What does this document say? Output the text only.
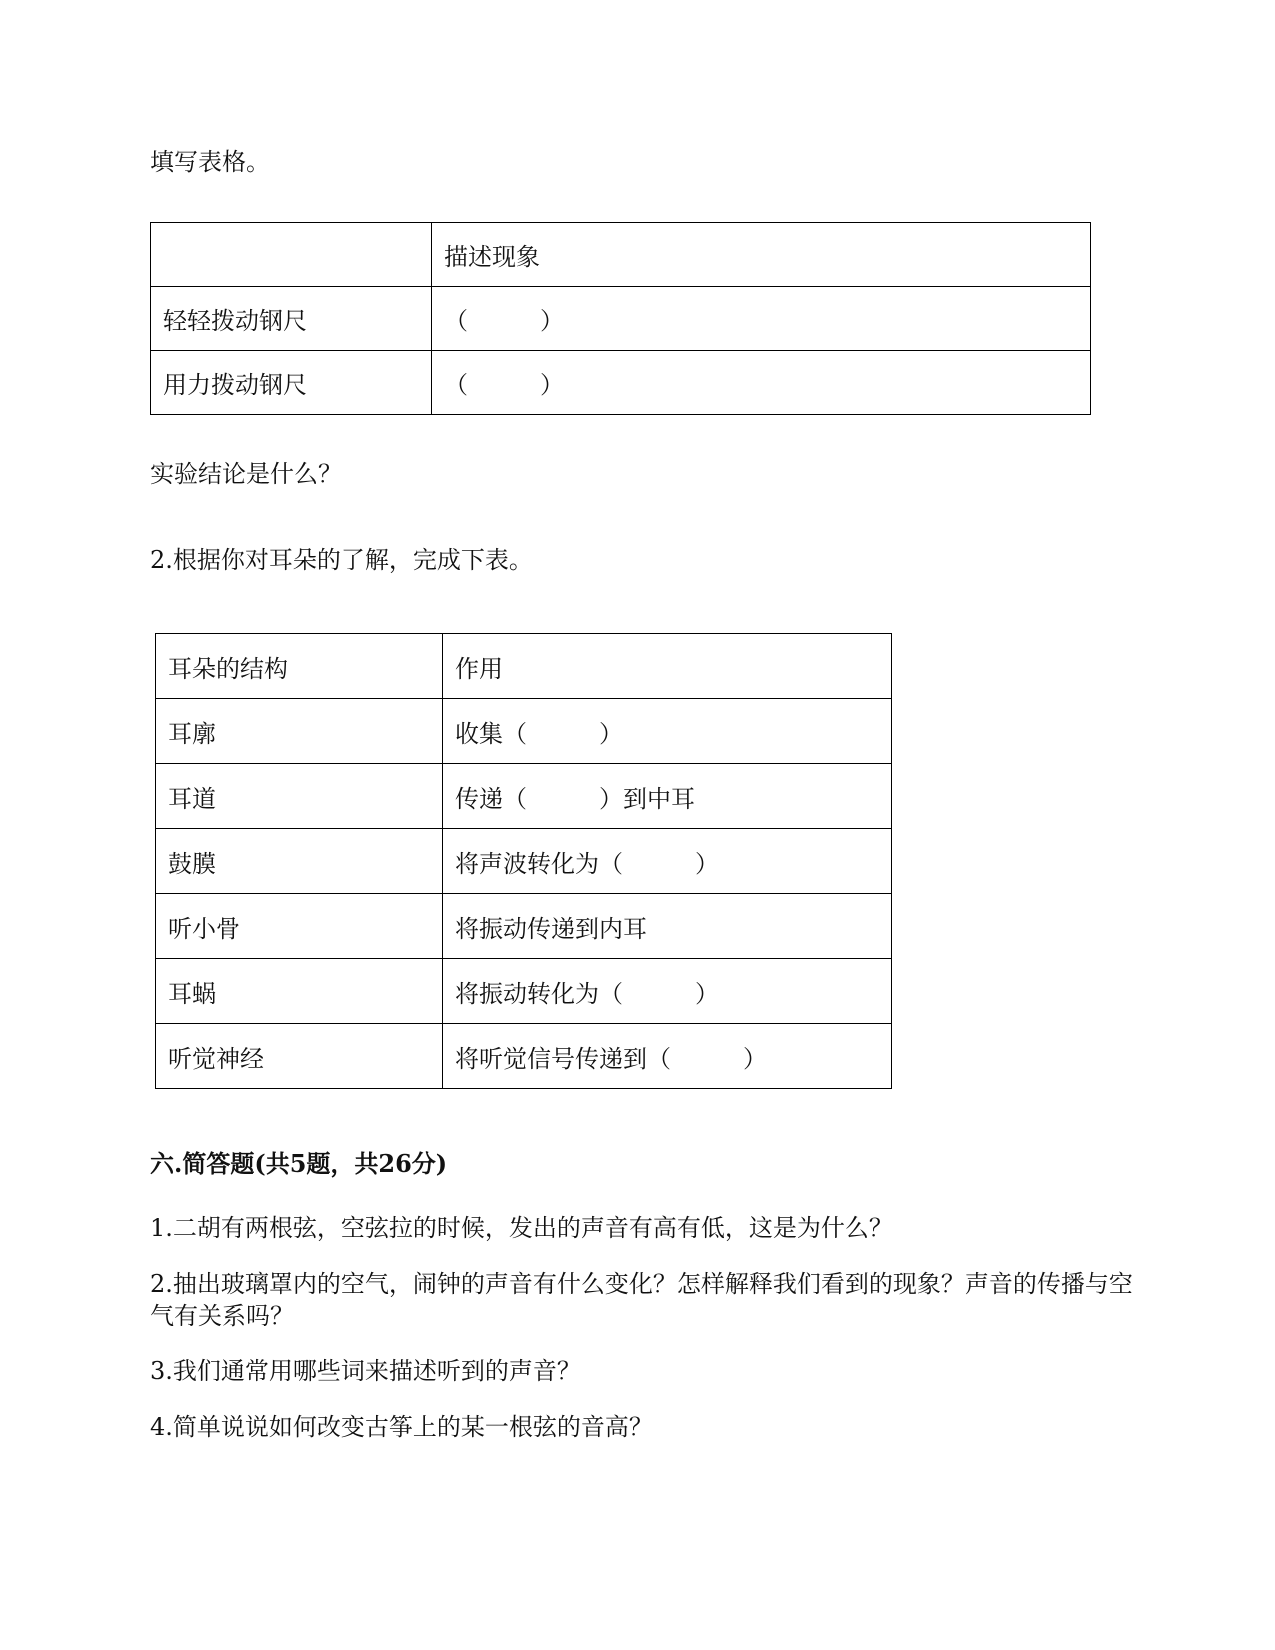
填写表格。
	描述现象
轻轻拨动钢尺	（　　　）
用力拨动钢尺	（　　　）
实验结论是什么？
2.根据你对耳朵的了解，完成下表。
耳朵的结构	作用
耳廓	收集（　　　）
耳道	传递（　　　）到中耳
鼓膜	将声波转化为（　　　）
听小骨	将振动传递到内耳
耳蜗	将振动转化为（　　　）
听觉神经	将听觉信号传递到（　　　）
六.简答题(共5题，共26分)
1.二胡有两根弦，空弦拉的时候，发出的声音有高有低，这是为什么？
2.抽出玻璃罩内的空气，闹钟的声音有什么变化？怎样解释我们看到的现象？声音的传播与空气有关系吗？
3.我们通常用哪些词来描述听到的声音？
4.简单说说如何改变古筝上的某一根弦的音高？
